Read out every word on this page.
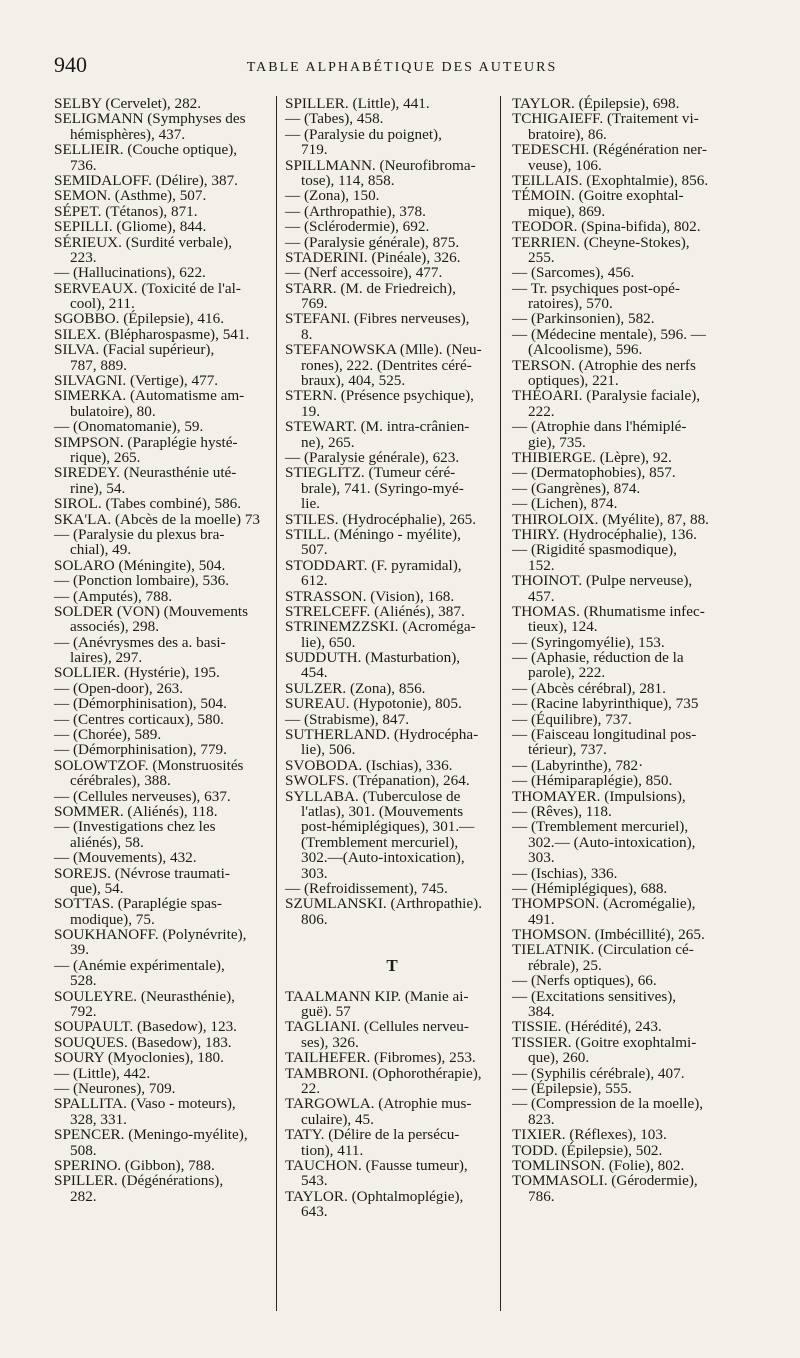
940	TABLE ALPHABÉTIQUE DES AUTEURS
SELBY (Cervelet), 282.
SELIGMANN (Symphyses des
hémisphères), 437.
SELLIEIR. (Couche optique),
736.
SEMIDALOFF. (Délire), 387.
SEMON. (Asthme), 507.
SÉPET. (Tétanos), 871.
SEPILLI. (Gliome), 844.
SÉRIEUX. (Surdité verbale),
223.
— (Hallucinations), 622.
SERVEAUX. (Toxicité de l'al-
cool), 211.
SGOBBO. (Épilepsie), 416.
SILEX. (Blépharospasme), 541.
SILVA. (Facial supérieur),
787, 889.
SILVAGNI. (Vertige), 477.
SIMERKA. (Automatisme am-
bulatoire), 80.
— (Onomatomanie), 59.
SIMPSON. (Paraplégie hysté-
rique), 265.
SIREDEY. (Neurasthénie uté-
rine), 54.
SIROL. (Tabes combiné), 586.
SKA'LA. (Abcès de la moelle) 73
— (Paralysie du plexus bra-
chial), 49.
SOLARO (Méningite), 504.
— (Ponction lombaire), 536.
— (Amputés), 788.
SOLDER (VON) (Mouvements
associés), 298.
— (Anévrysmes des a. basi-
laires), 297.
SOLLIER. (Hystérie), 195.
— (Open-door), 263.
— (Démorphinisation), 504.
— (Centres corticaux), 580.
— (Chorée), 589.
— (Démorphinisation), 779.
SOLOWTZOF. (Monstruosités
cérébrales), 388.
— (Cellules nerveuses), 637.
SOMMER. (Aliénés), 118.
— (Investigations chez les
aliénés), 58.
— (Mouvements), 432.
SOREJS. (Névrose traumati-
que), 54.
SOTTAS. (Paraplégie spas-
modique), 75.
SOUKHANOFF. (Polynévrite),
39.
— (Anémie expérimentale),
528.
SOULEYRE. (Neurasthénie),
792.
SOUPAULT. (Basedow), 123.
SOUQUES. (Basedow), 183.
SOURY (Myoclonies), 180.
— (Little), 442.
— (Neurones), 709.
SPALLITA. (Vaso - moteurs),
328, 331.
SPENCER. (Meningo-myélite),
508.
SPERINO. (Gibbon), 788.
SPILLER. (Dégénérations),
282.
SPILLER. (Little), 441.
— (Tabes), 458.
— (Paralysie du poignet),
719.
SPILLMANN. (Neurofibroma-
tose), 114, 858.
— (Zona), 150.
— (Arthropathie), 378.
— (Sclérodermie), 692.
— (Paralysie générale), 875.
STADERINI. (Pinéale), 326.
— (Nerf accessoire), 477.
STARR. (M. de Friedreich),
769.
STEFANI. (Fibres nerveuses),
8.
STEFANOWSKA (Mlle). (Neu-
rones), 222. (Dentrites céré-
braux), 404, 525.
STERN. (Présence psychique),
19.
STEWART. (M. intra-crânien-
ne), 265.
— (Paralysie générale), 623.
STIEGLITZ. (Tumeur céré-
brale), 741. (Syringo-myé-
lie.
STILES. (Hydrocéphalie), 265.
STILL. (Méningo - myélite),
507.
STODDART. (F. pyramidal),
612.
STRASSON. (Vision), 168.
STRELCEFF. (Aliénés), 387.
STRINEMZZSKI. (Acroméga-
lie), 650.
SUDDUTH. (Masturbation),
454.
SULZER. (Zona), 856.
SUREAU. (Hypotonie), 805.
— (Strabisme), 847.
SUTHERLAND. (Hydrocépha-
lie), 506.
SVOBODA. (Ischias), 336.
SWOLFS. (Trépanation), 264.
SYLLABA. (Tuberculose de
l'atlas), 301. (Mouvements
post-hémiplégiques), 301.—
(Tremblement mercuriel),
302.—(Auto-intoxication),
303.
— (Refroidissement), 745.
SZUMLANSKI. (Arthropathie).
806.
T
TAALMANN KIP. (Manie ai-
guë). 57
TAGLIANI. (Cellules nerveu-
ses), 326.
TAILHEFER. (Fibromes), 253.
TAMBRONI. (Ophorothérapie),
22.
TARGOWLA. (Atrophie mus-
culaire), 45.
TATY. (Délire de la persécu-
tion), 411.
TAUCHON. (Fausse tumeur),
543.
TAYLOR. (Ophtalmoplégie),
643.
TAYLOR. (Épilepsie), 698.
TCHIGAIEFF. (Traitement vi-
bratoire), 86.
TEDESCHI. (Régénération ner-
veuse), 106.
TEILLAIS. (Exophtalmie), 856.
TÉMOIN. (Goitre exophtal-
mique), 869.
TEODOR. (Spina-bifida), 802.
TERRIEN. (Cheyne-Stokes),
255.
— (Sarcomes), 456.
— Tr. psychiques post-opé-
ratoires), 570.
— (Parkinsonien), 582.
— (Médecine mentale), 596. —
(Alcoolisme), 596.
TERSON. (Atrophie des nerfs
optiques), 221.
THÉOARI. (Paralysie faciale),
222.
— (Atrophie dans l'hémiplé-
gie), 735.
THIBIERGE. (Lèpre), 92.
— (Dermatophobies), 857.
— (Gangrènes), 874.
— (Lichen), 874.
THIROLOIX. (Myélite), 87, 88.
THIRY. (Hydrocéphalie), 136.
— (Rigidité spasmodique),
152.
THOINOT. (Pulpe nerveuse),
457.
THOMAS. (Rhumatisme infec-
tieux), 124.
— (Syringomyélie), 153.
— (Aphasie, réduction de la
parole), 222.
— (Abcès cérébral), 281.
— (Racine labyrinthique), 735
— (Équilibre), 737.
— (Faisceau longitudinal pos-
térieur), 737.
— (Labyrinthe), 782·
— (Hémiparaplégie), 850.
THOMAYER. (Impulsions),
— (Rêves), 118.
— (Tremblement mercuriel),
302.— (Auto-intoxication),
303.
— (Ischias), 336.
— (Hémiplégiques), 688.
THOMPSON. (Acromégalie),
491.
THOMSON. (Imbécillité), 265.
TIELATNIK. (Circulation cé-
rébrale), 25.
— (Nerfs optiques), 66.
— (Excitations sensitives),
384.
TISSIE. (Hérédité), 243.
TISSIER. (Goitre exophtalmi-
que), 260.
— (Syphilis cérébrale), 407.
— (Épilepsie), 555.
— (Compression de la moelle),
823.
TIXIER. (Réflexes), 103.
TODD. (Épilepsie), 502.
TOMLINSON. (Folie), 802.
TOMMASOLI. (Gérodermie),
786.
